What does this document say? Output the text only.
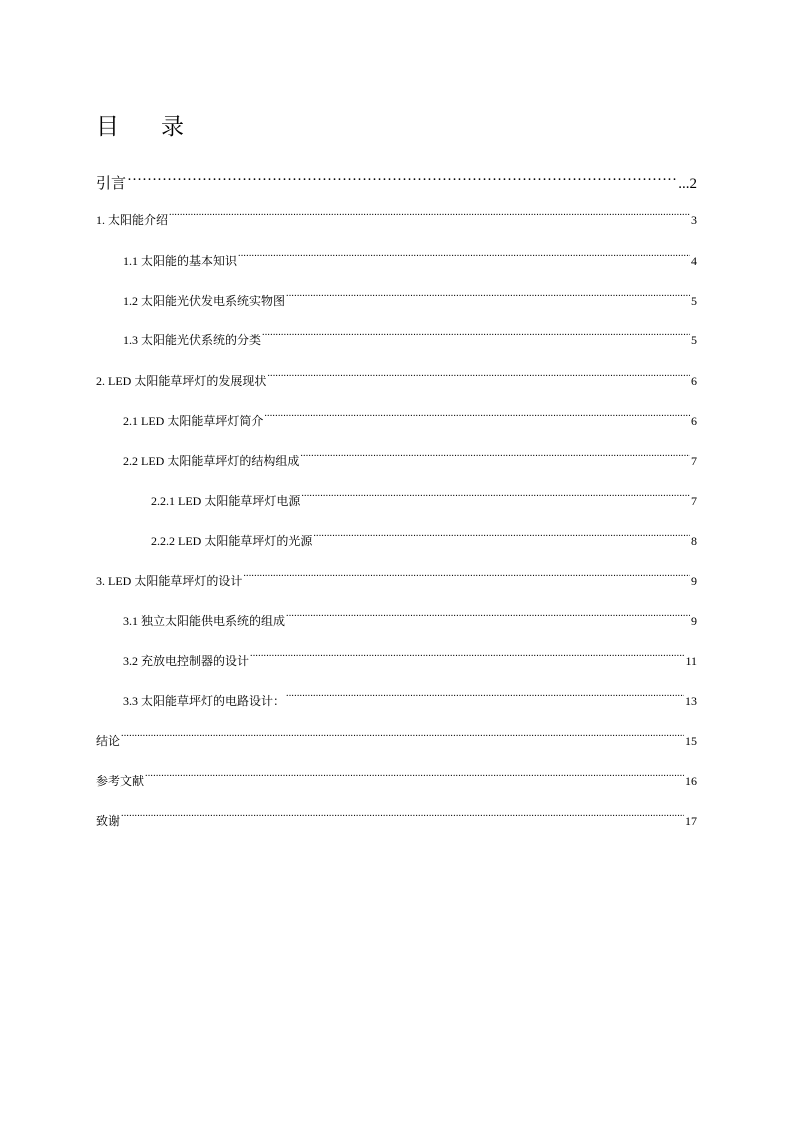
目 录
引言 …………………………………………………………………………………………………………………………………………………………………	...2
1. 太阳能介绍 .....	3
1.1 太阳能的基本知识 .....	4
1.2 太阳能光伏发电系统实物图 .....	5
1.3 太阳能光伏系统的分类 .....	5
2. LED 太阳能草坪灯的发展现状 .....	6
2.1 LED 太阳能草坪灯简介 .....	6
2.2 LED 太阳能草坪灯的结构组成 .....	7
2.2.1 LED 太阳能草坪灯电源 .....	7
2.2.2 LED 太阳能草坪灯的光源 .....	8
3. LED 太阳能草坪灯的设计 .....	9
3.1 独立太阳能供电系统的组成 .....	9
3.2 充放电控制器的设计 .....	11
3.3 太阳能草坪灯的电路设计： .....	13
结论 .....	15
参考文献 .....	16
致谢 .....	17
